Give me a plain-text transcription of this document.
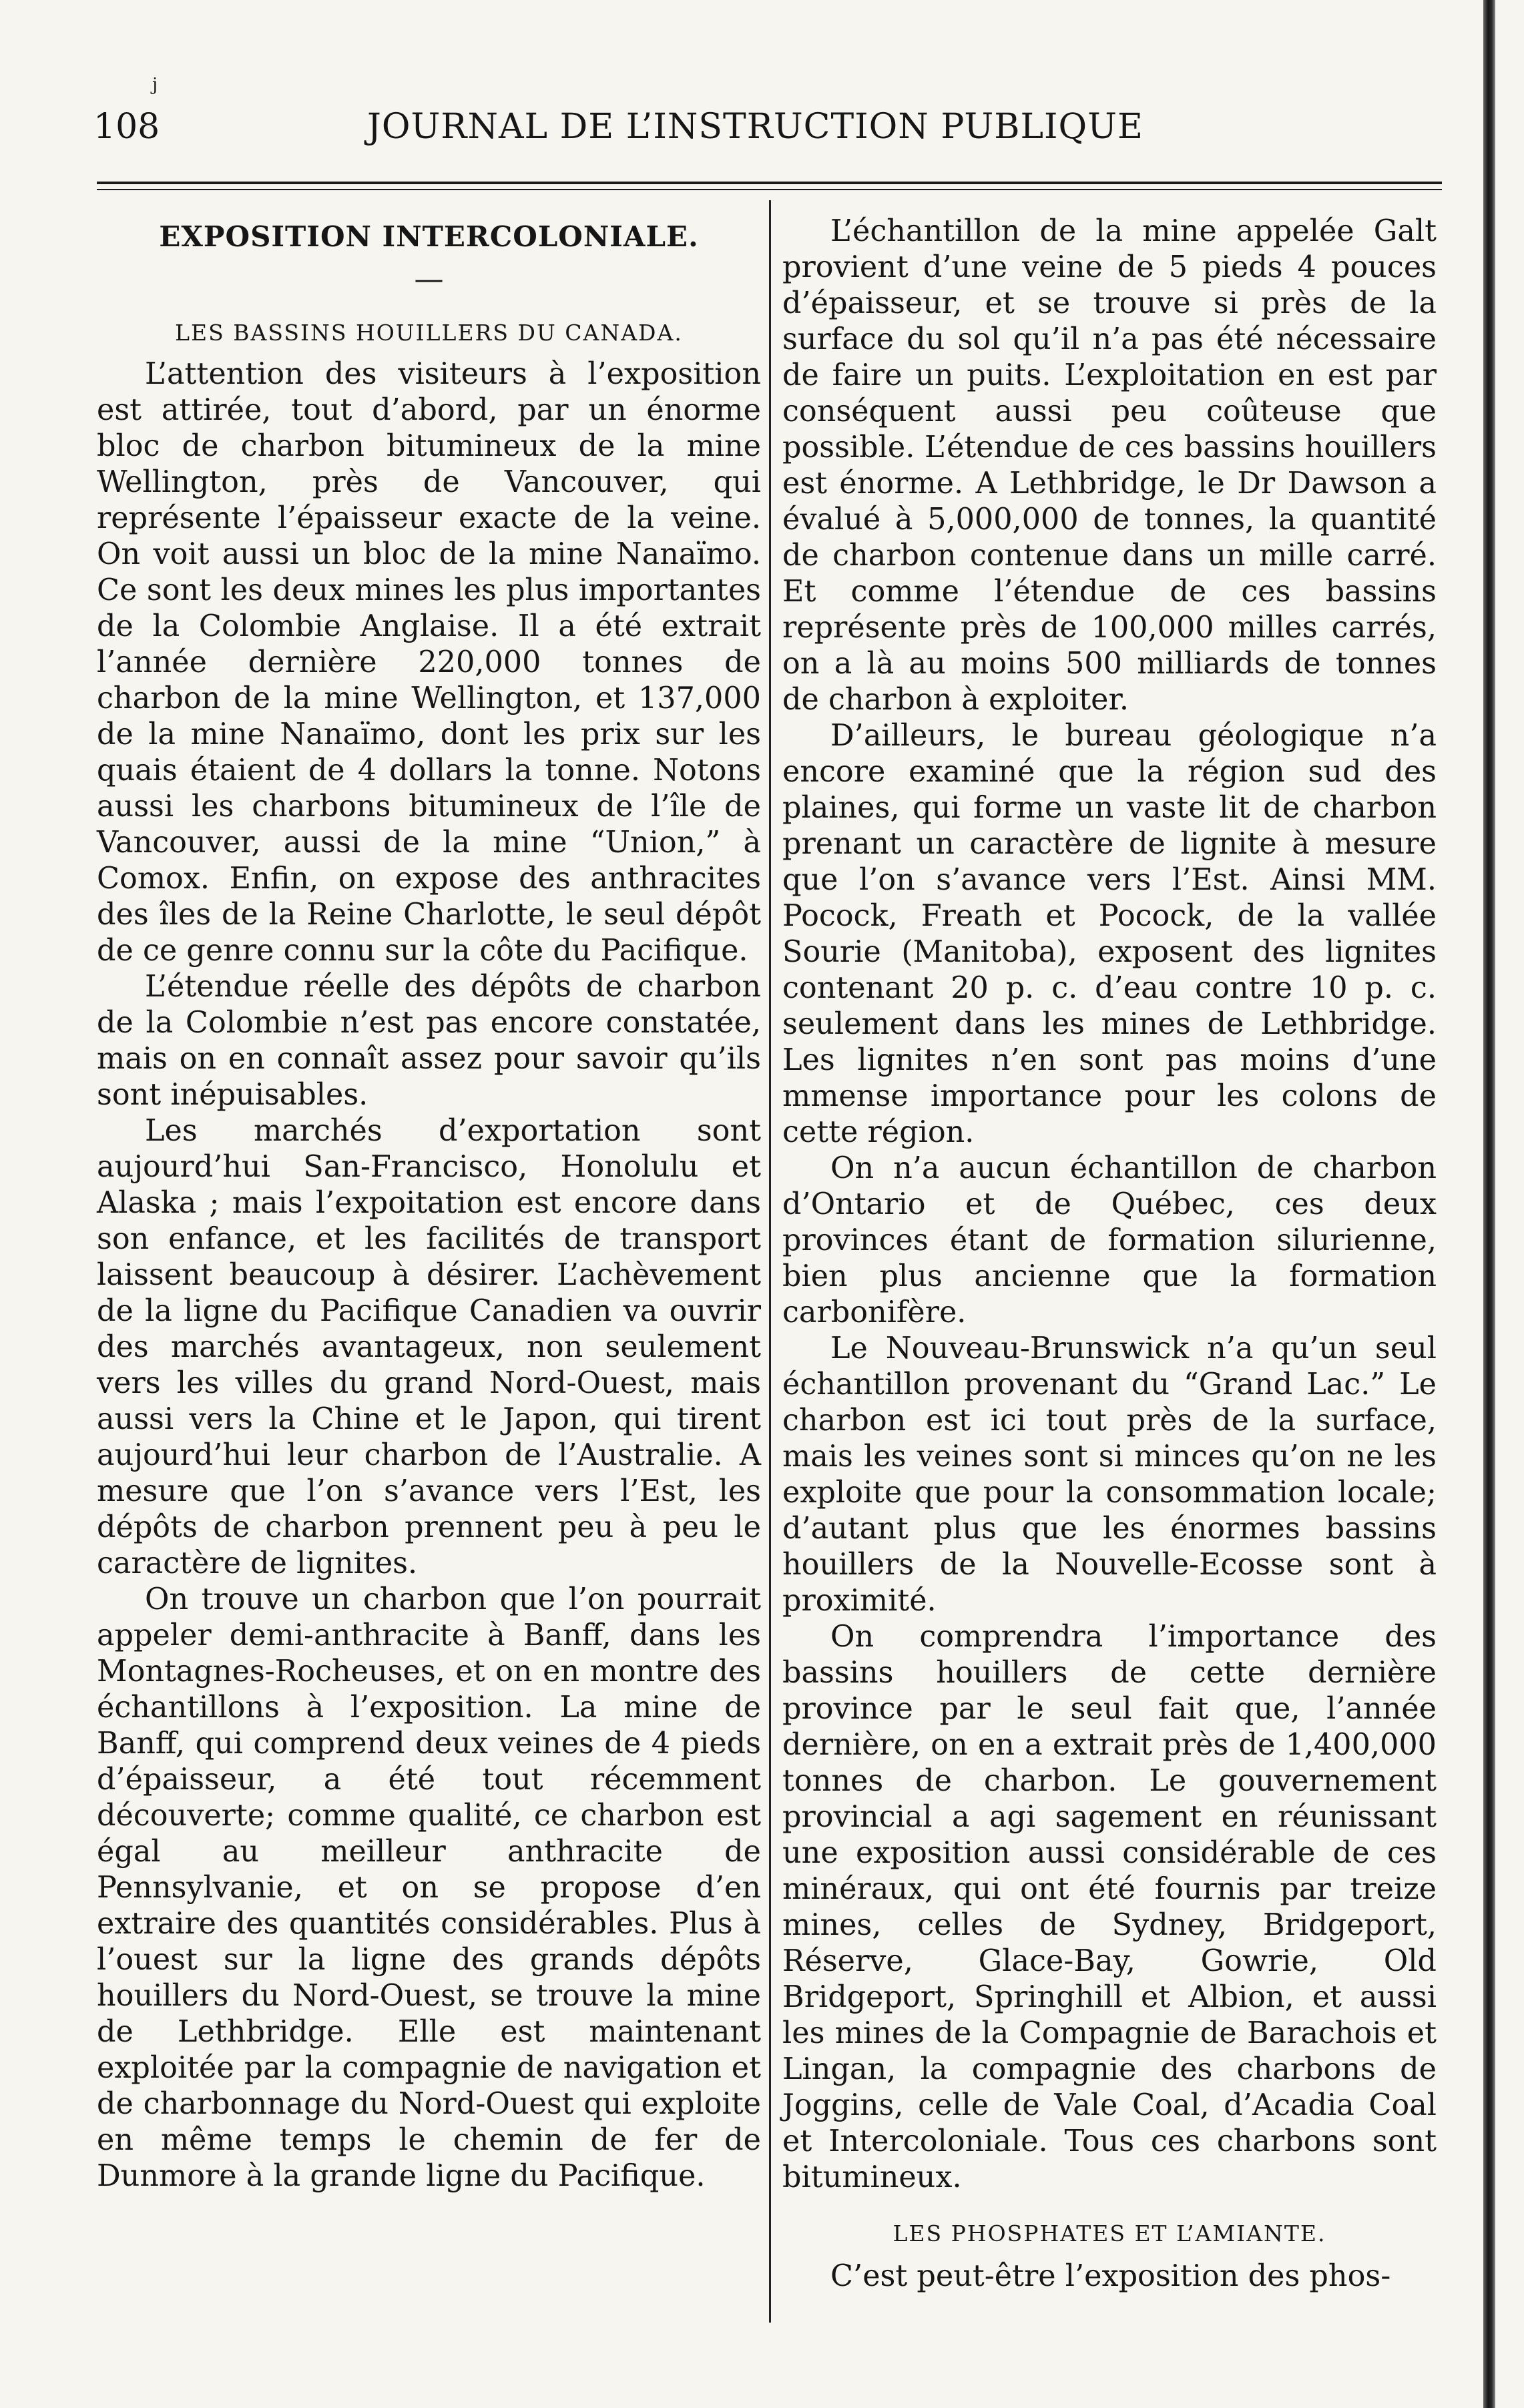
j
108	JOURNAL DE L’INSTRUCTION PUBLIQUE
EXPOSITION INTERCOLONIALE.
—
LES BASSINS HOUILLERS DU CANADA.

L’attention des visiteurs à l’exposition est attirée, tout d’abord, par un énorme bloc de charbon bitumineux de la mine Wellington, près de Vancouver, qui représente l’épaisseur exacte de la veine. On voit aussi un bloc de la mine Nanaïmo. Ce sont les deux mines les plus importantes de la Colombie Anglaise. Il a été extrait l’année dernière 220,000 tonnes de charbon de la mine Wellington, et 137,000 de la mine Nanaïmo, dont les prix sur les quais étaient de 4 dollars la tonne. Notons aussi les charbons bitumineux de l’île de Vancouver, aussi de la mine “Union,” à Comox. Enfin, on expose des anthracites des îles de la Reine Charlotte, le seul dépôt de ce genre connu sur la côte du Pacifique.

L’étendue réelle des dépôts de charbon de la Colombie n’est pas encore constatée, mais on en connaît assez pour savoir qu’ils sont inépuisables.

Les marchés d’exportation sont aujourd’hui San-Francisco, Honolulu et Alaska ; mais l’expoitation est encore dans son enfance, et les facilités de transport laissent beaucoup à désirer. L’achèvement de la ligne du Pacifique Canadien va ouvrir des marchés avantageux, non seulement vers les villes du grand Nord-Ouest, mais aussi vers la Chine et le Japon, qui tirent aujourd’hui leur charbon de l’Australie. A mesure que l’on s’avance vers l’Est, les dépôts de charbon prennent peu à peu le caractère de lignites.

On trouve un charbon que l’on pourrait appeler demi-anthracite à Banff, dans les Montagnes-Rocheuses, et on en montre des échantillons à l’exposition. La mine de Banff, qui comprend deux veines de 4 pieds d’épaisseur, a été tout récemment découverte; comme qualité, ce charbon est égal au meilleur anthracite de Pennsylvanie, et on se propose d’en extraire des quantités considérables. Plus à l’ouest sur la ligne des grands dépôts houillers du Nord-Ouest, se trouve la mine de Lethbridge. Elle est maintenant exploitée par la compagnie de navigation et de charbonnage du Nord-Ouest qui exploite en même temps le chemin de fer de Dunmore à la grande ligne du Pacifique.

L’échantillon de la mine appelée Galt provient d’une veine de 5 pieds 4 pouces d’épaisseur, et se trouve si près de la surface du sol qu’il n’a pas été nécessaire de faire un puits. L’exploitation en est par conséquent aussi peu coûteuse que possible. L’étendue de ces bassins houillers est énorme. A Lethbridge, le Dr Dawson a évalué à 5,000,000 de tonnes, la quantité de charbon contenue dans un mille carré. Et comme l’étendue de ces bassins représente près de 100,000 milles carrés, on a là au moins 500 milliards de tonnes de charbon à exploiter.

D’ailleurs, le bureau géologique n’a encore examiné que la région sud des plaines, qui forme un vaste lit de charbon prenant un caractère de lignite à mesure que l’on s’avance vers l’Est. Ainsi MM. Pocock, Freath et Pocock, de la vallée Sourie (Manitoba), exposent des lignites contenant 20 p. c. d’eau contre 10 p. c. seulement dans les mines de Lethbridge. Les lignites n’en sont pas moins d’une mmense importance pour les colons de cette région.

On n’a aucun échantillon de charbon d’Ontario et de Québec, ces deux provinces étant de formation silurienne, bien plus ancienne que la formation carbonifère.

Le Nouveau-Brunswick n’a qu’un seul échantillon provenant du “Grand Lac.” Le charbon est ici tout près de la surface, mais les veines sont si minces qu’on ne les exploite que pour la consommation locale; d’autant plus que les énormes bassins houillers de la Nouvelle-Ecosse sont à proximité.

On comprendra l’importance des bassins houillers de cette dernière province par le seul fait que, l’année dernière, on en a extrait près de 1,400,000 tonnes de charbon. Le gouvernement provincial a agi sagement en réunissant une exposition aussi considérable de ces minéraux, qui ont été fournis par treize mines, celles de Sydney, Bridgeport, Réserve, Glace-Bay, Gowrie, Old Bridgeport, Springhill et Albion, et aussi les mines de la Compagnie de Barachois et Lingan, la compagnie des charbons de Joggins, celle de Vale Coal, d’Acadia Coal et Intercoloniale. Tous ces charbons sont bitumineux.

LES PHOSPHATES ET L’AMIANTE.

C’est peut-être l’exposition des phos-
